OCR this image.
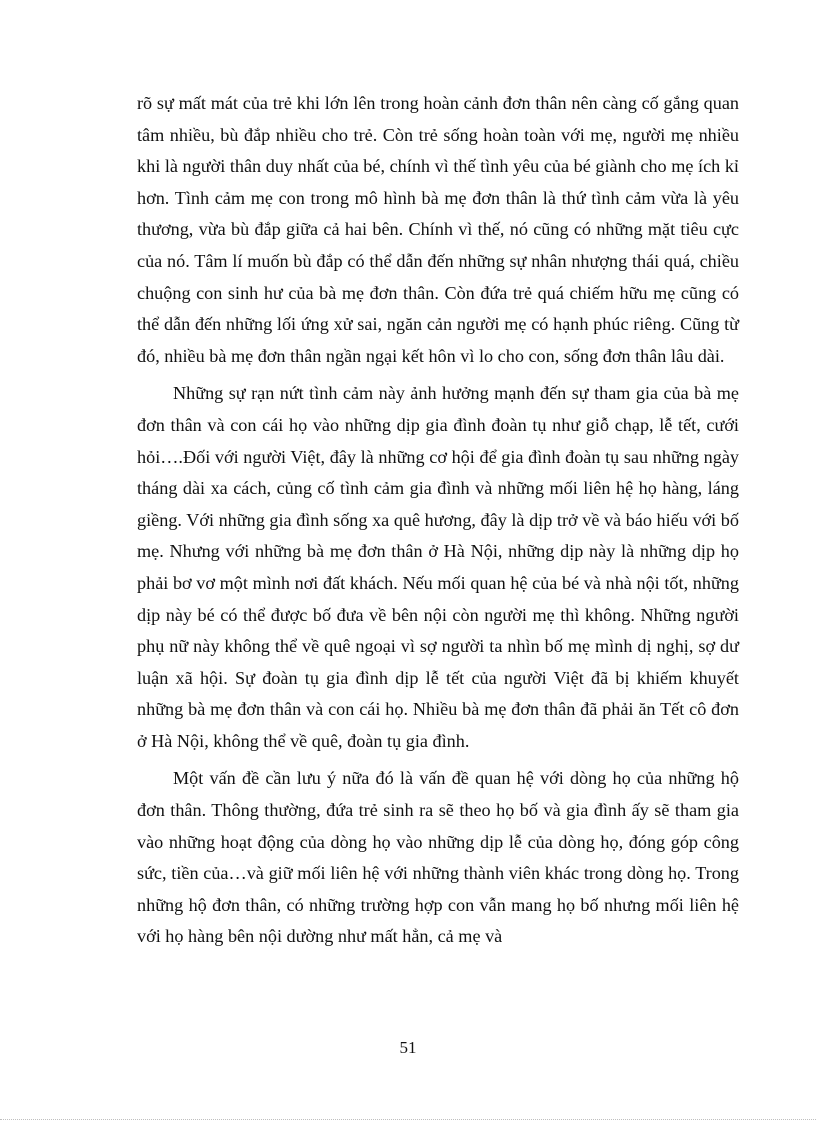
rõ sự mất mát của trẻ khi lớn lên trong hoàn cảnh đơn thân nên càng cố gắng quan tâm nhiều, bù đắp nhiều cho trẻ. Còn trẻ sống hoàn toàn với mẹ, người mẹ nhiều khi là người thân duy nhất của bé, chính vì thế tình yêu của bé giành cho mẹ ích kỉ hơn. Tình cảm mẹ con trong mô hình bà mẹ đơn thân là thứ tình cảm vừa là yêu thương, vừa bù đắp giữa cả hai bên. Chính vì thế, nó cũng có những mặt tiêu cực của nó. Tâm lí muốn bù đắp có thể dẫn đến những sự nhân nhượng thái quá, chiều chuộng con sinh hư của bà mẹ đơn thân. Còn đứa trẻ quá chiếm hữu mẹ cũng có thể dẫn đến những lối ứng xử sai, ngăn cản người mẹ có hạnh phúc riêng. Cũng từ đó, nhiều bà mẹ đơn thân ngần ngại kết hôn vì lo cho con, sống đơn thân lâu dài.

Những sự rạn nứt tình cảm này ảnh hưởng mạnh đến sự tham gia của bà mẹ đơn thân và con cái họ vào những dịp gia đình đoàn tụ như giỗ chạp, lễ tết, cưới hỏi….Đối với người Việt, đây là những cơ hội để gia đình đoàn tụ sau những ngày tháng dài xa cách, củng cố tình cảm gia đình và những mối liên hệ họ hàng, láng giềng. Với những gia đình sống xa quê hương, đây là dịp trở về và báo hiếu với bố mẹ. Nhưng với những bà mẹ đơn thân ở Hà Nội, những dịp này là những dịp họ phải bơ vơ một mình nơi đất khách. Nếu mối quan hệ của bé và nhà nội tốt, những dịp này bé có thể được bố đưa về bên nội còn người mẹ thì không. Những người phụ nữ này không thể về quê ngoại vì sợ người ta nhìn bố mẹ mình dị nghị, sợ dư luận xã hội. Sự đoàn tụ gia đình dịp lễ tết của người Việt đã bị khiếm khuyết những bà mẹ đơn thân và con cái họ. Nhiều bà mẹ đơn thân đã phải ăn Tết cô đơn ở Hà Nội, không thể về quê, đoàn tụ gia đình.

Một vấn đề cần lưu ý nữa đó là vấn đề quan hệ với dòng họ của những hộ đơn thân. Thông thường, đứa trẻ sinh ra sẽ theo họ bố và gia đình ấy sẽ tham gia vào những hoạt động của dòng họ vào những dịp lễ của dòng họ, đóng góp công sức, tiền của…và giữ mối liên hệ với những thành viên khác trong dòng họ. Trong những hộ đơn thân, có những trường hợp con vẫn mang họ bố nhưng mối liên hệ với họ hàng bên nội dường như mất hẳn, cả mẹ và

51
